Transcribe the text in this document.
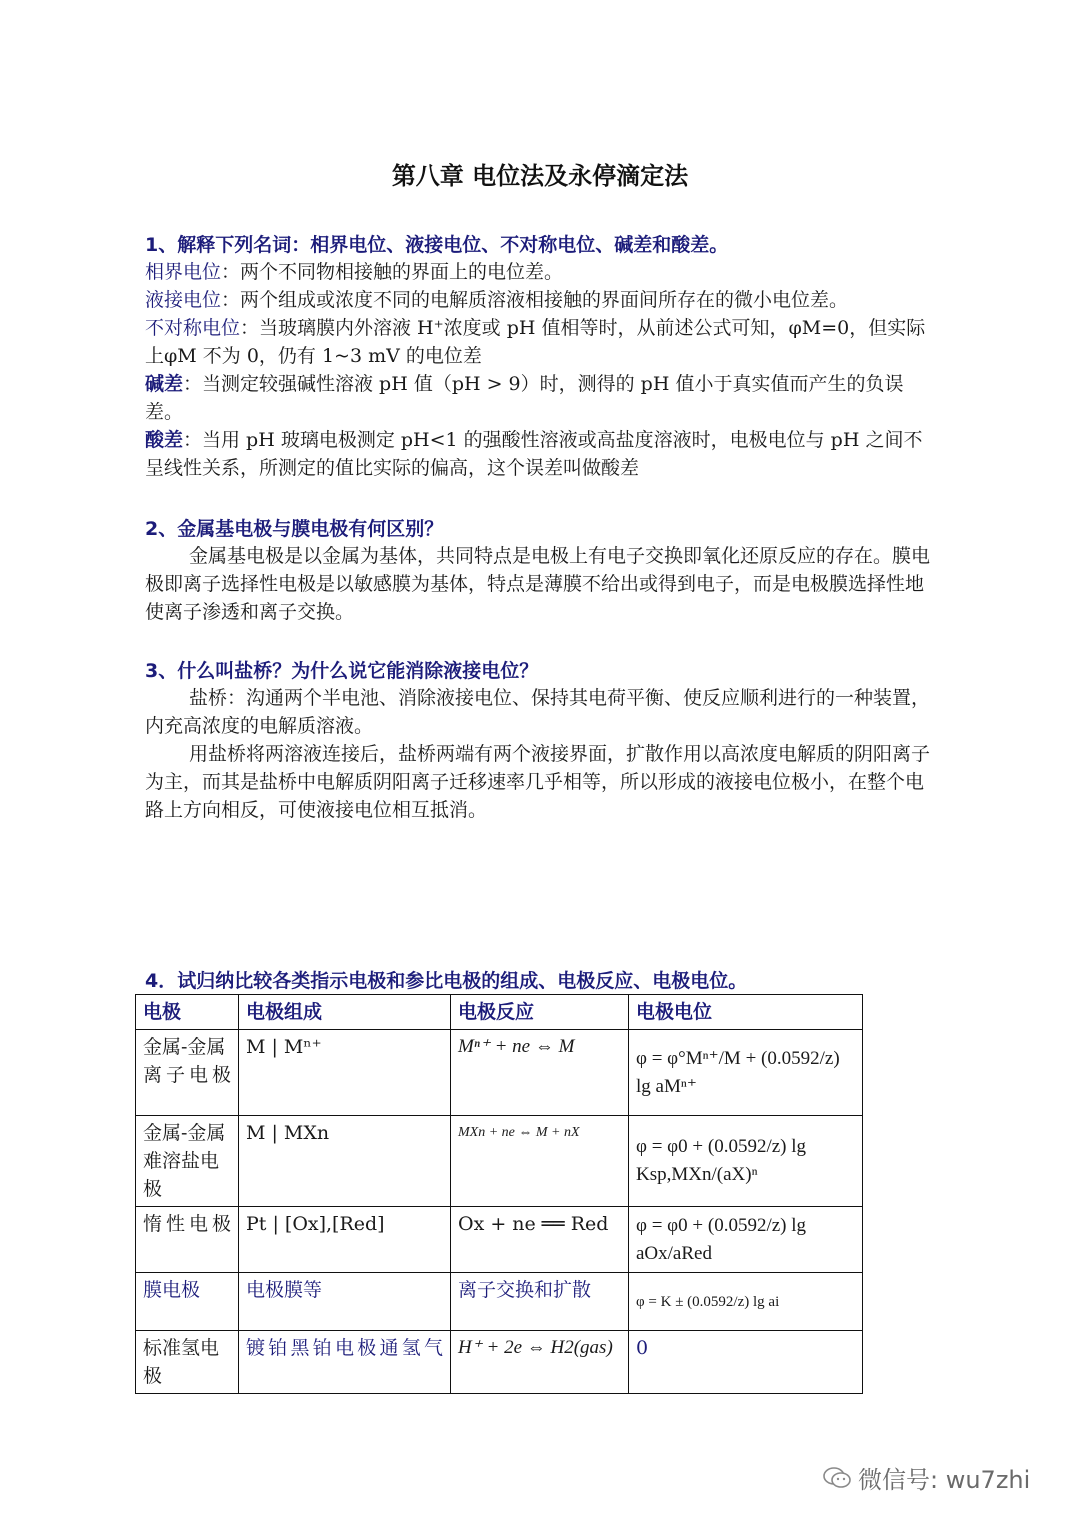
第八章 电位法及永停滴定法
1、解释下列名词：相界电位、液接电位、不对称电位、碱差和酸差。
相界电位：两个不同物相接触的界面上的电位差。
液接电位：两个组成或浓度不同的电解质溶液相接触的界面间所存在的微小电位差。
不对称电位：当玻璃膜内外溶液 H⁺浓度或 pH 值相等时，从前述公式可知，φM=0，但实际上φM 不为 0，仍有 1~3 mV 的电位差
碱差：当测定较强碱性溶液 pH 值（pH > 9）时，测得的 pH 值小于真实值而产生的负误差。
酸差：当用 pH 玻璃电极测定 pH<1 的强酸性溶液或高盐度溶液时，电极电位与 pH 之间不呈线性关系，所测定的值比实际的偏高，这个误差叫做酸差
2、金属基电极与膜电极有何区别？
金属基电极是以金属为基体，共同特点是电极上有电子交换即氧化还原反应的存在。膜电极即离子选择性电极是以敏感膜为基体，特点是薄膜不给出或得到电子，而是电极膜选择性地使离子渗透和离子交换。
3、什么叫盐桥？为什么说它能消除液接电位？
盐桥：沟通两个半电池、消除液接电位、保持其电荷平衡、使反应顺利进行的一种装置，内充高浓度的电解质溶液。
用盐桥将两溶液连接后，盐桥两端有两个液接界面，扩散作用以高浓度电解质的阴阳离子为主，而其是盐桥中电解质阴阳离子迁移速率几乎相等，所以形成的液接电位极小，在整个电路上方向相反，可使液接电位相互抵消。
4．试归纳比较各类指示电极和参比电极的组成、电极反应、电极电位。
电极	电极组成	电极反应	电极电位
金属-金属离子电极	M | Mⁿ⁺	Mⁿ⁺ + ne ⇔ M	φ = φ°Mⁿ⁺/M + (0.0592/z) lg aMⁿ⁺
金属-金属难溶盐电极	M | MXn	MXn + ne ⇔ M + nX	φ = φ0 + (0.0592/z) lg Ksp,MXn/(aX)ⁿ
惰性电极	Pt | [Ox],[Red]	Ox + ne ══ Red	φ = φ0 + (0.0592/z) lg aOx/aRed
膜电极	电极膜等	离子交换和扩散	φ = K ± (0.0592/z) lg ai
标准氢电极	镀铂黑铂电极通氢气	H⁺ + 2e ⇔ H2(gas)	0
微信号: wu7zhi
